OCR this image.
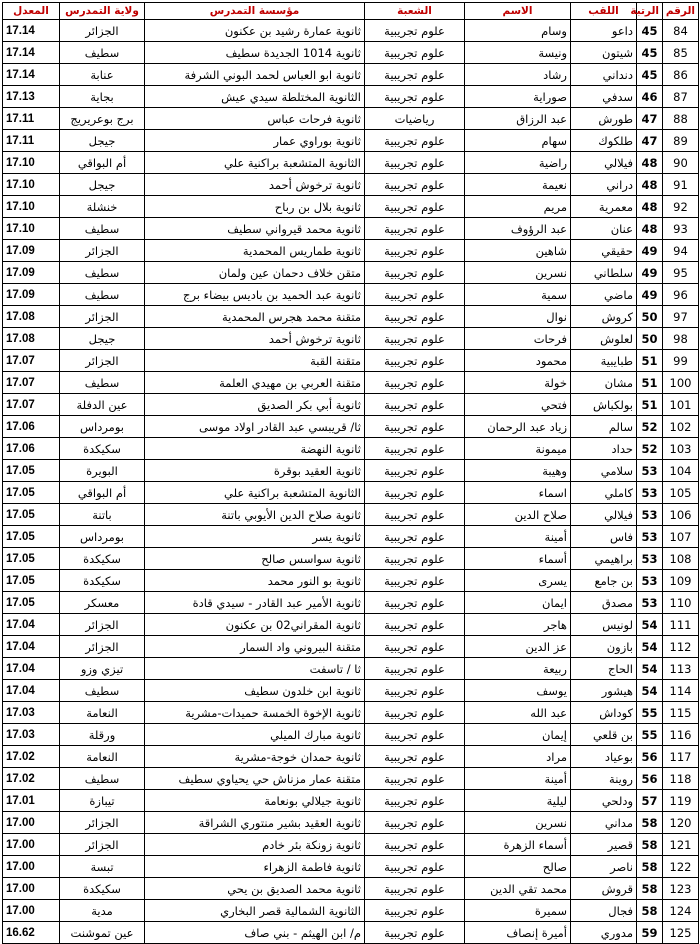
الرقم	الرتبة	اللقب	الاسم	الشعبة	مؤسسة التمدرس	ولاية التمدرس	المعدل
84	45	داعو	وسام	علوم تجريبية	ثانوية عمارة رشيد بن عكنون	الجزائر	17.14
85	45	شيتون	ونيسة	علوم تجريبية	ثانوية 1014 الجديدة سطيف	سطيف	17.14
86	45	دنداني	رشاد	علوم تجريبية	ثانوية ابو العباس لحمد البوني الشرفة	عنابة	17.14
87	46	سدفي	صوراية	علوم تجريبية	الثانوية المختلطة سيدي عيش	بجاية	17.13
88	47	طورش	عبد الرزاق	رياضيات	ثانوية فرحات عباس	برج بوعريريج	17.11
89	47	طلكوك	سهام	علوم تجريبية	ثانوية بوراوي عمار	جيجل	17.11
90	48	فيلالي	راضية	علوم تجريبية	الثانوية المتشعبة براكنية علي	أم البواقي	17.10
91	48	دراني	نعيمة	علوم تجريبية	ثانوية ترخوش أحمد	جيجل	17.10
92	48	معمرية	مريم	علوم تجريبية	ثانوية بلال بن رباح	خنشلة	17.10
93	48	عنان	عبد الرؤوف	علوم تجريبية	ثانوية محمد قيرواني سطيف	سطيف	17.10
94	49	حقيقي	شاهين	علوم تجريبية	ثانوية طماريس المحمدية	الجزائر	17.09
95	49	سلطاني	نسرين	علوم تجريبية	متقن خلاف دحمان عين ولمان	سطيف	17.09
96	49	ماضي	سمية	علوم تجريبية	ثانوية عبد الحميد بن باديس بيضاء برج	سطيف	17.09
97	50	كروش	نوال	علوم تجريبية	متقنة محمد هجرس المحمدية	الجزائر	17.08
98	50	لعلوش	فرحات	علوم تجريبية	ثانوية ترخوش أحمد	جيجل	17.08
99	51	طبايبية	محمود	علوم تجريبية	متقنة القبة	الجزائر	17.07
100	51	مشان	خولة	علوم تجريبية	متقنة العربي بن مهيدي العلمة	سطيف	17.07
101	51	بولكباش	فتحي	علوم تجريبية	ثانوية أبي بكر الصديق	عين الدفلة	17.07
102	52	سالم	زياد عبد الرحمان	علوم تجريبية	ثا/ قريبسي عبد القادر اولاد موسى	بومرداس	17.06
103	52	حداد	ميمونة	علوم تجريبية	ثانوية النهضة	سكيكدة	17.06
104	53	سلامي	وهيبة	علوم تجريبية	ثانوية العقيد بوقرة	البويرة	17.05
105	53	كاملي	اسماء	علوم تجريبية	الثانوية المتشعبة براكنية علي	أم البواقي	17.05
106	53	فيلالي	صلاح الدين	علوم تجريبية	ثانوية صلاح الدين الأيوبي باتنة	باتنة	17.05
107	53	فاس	أمينة	علوم تجريبية	ثانوية يسر	بومرداس	17.05
108	53	براهيمي	أسماء	علوم تجريبية	ثانوية سواسس صالح	سكيكدة	17.05
109	53	بن جامع	يسرى	علوم تجريبية	ثانوية بو النور محمد	سكيكدة	17.05
110	53	مصدق	ايمان	علوم تجريبية	ثانوية الأمير عبد القادر - سيدي قادة	معسكر	17.05
111	54	لونيس	هاجر	علوم تجريبية	ثانوية المقراني02 بن عكنون	الجزائر	17.04
112	54	بازون	عز الدين	علوم تجريبية	متقنة البيروني واد السمار	الجزائر	17.04
113	54	الحاج	ربيعة	علوم تجريبية	ثا / تاسفت	تيزي وزو	17.04
114	54	هيشور	يوسف	علوم تجريبية	ثانوية ابن خلدون سطيف	سطيف	17.04
115	55	كوداش	عبد الله	علوم تجريبية	ثانوية الإخوة الخمسة حميدات-مشرية	النعامة	17.03
116	55	بن قلعي	إيمان	علوم تجريبية	ثانوية مبارك الميلي	ورقلة	17.03
117	56	بوعياد	مراد	علوم تجريبية	ثانوية حمدان خوجة-مشرية	النعامة	17.02
118	56	روينة	أمينة	علوم تجريبية	متقنة عمار مزناش حي يحياوي سطيف	سطيف	17.02
119	57	ودلحي	ليلية	علوم تجريبية	ثانوية جيلالي بونعامة	تيبازة	17.01
120	58	مداني	نسرين	علوم تجريبية	ثانوية العقيد بشير منتوري الشراقة	الجزائر	17.00
121	58	قصير	أسماء الزهرة	علوم تجريبية	ثانوية زونكة بئر خادم	الجزائر	17.00
122	58	ناصر	صالح	علوم تجريبية	ثانوية فاطمة الزهراء	تبسة	17.00
123	58	قروش	محمد تقي الدين	علوم تجريبية	ثانوية محمد الصديق بن يحي	سكيكدة	17.00
124	58	فجال	سميرة	علوم تجريبية	الثانوية الشمالية قصر البخاري	مدية	17.00
125	59	مدوري	أميرة إنصاف	علوم تجريبية	م/ ابن الهيثم - بني صاف	عين تموشنت	16.62
